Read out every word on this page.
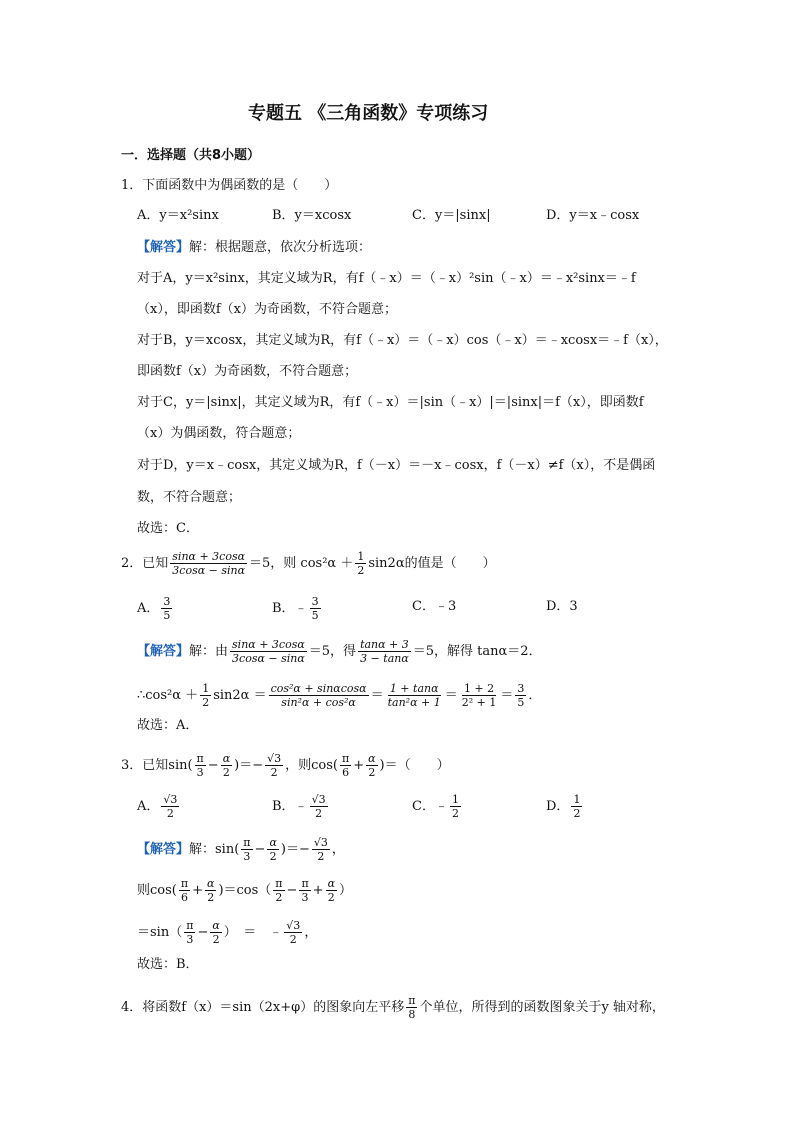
专题五 《三角函数》专项练习
一．选择题（共8小题）
1．下面函数中为偶函数的是（　　）
A．y＝x²sinx	B．y＝xcosx	C．y＝|sinx|	D．y＝x﹣cosx
【解答】解：根据题意，依次分析选项：
对于A，y＝x²sinx，其定义域为R，有f（﹣x）＝（﹣x）²sin（﹣x）＝﹣x²sinx＝﹣f
（x），即函数f（x）为奇函数，不符合题意；
对于B，y＝xcosx，其定义域为R，有f（﹣x）＝（﹣x）cos（﹣x）＝﹣xcosx＝﹣f（x），
即函数f（x）为奇函数，不符合题意；
对于C，y＝|sinx|，其定义域为R，有f（﹣x）＝|sin（﹣x）|＝|sinx|＝f（x），即函数f
（x）为偶函数，符合题意；
对于D，y＝x﹣cosx，其定义域为R，f（－x）＝－x﹣cosx，f（－x）≠f（x），不是偶函
数，不符合题意；
故选：C．
2．已知 $\frac{\sin\alpha + 3\cos\alpha}{3\cos\alpha - \sin\alpha} =5$，则 $\cos^2\alpha + \frac{1}{2} \sin 2\alpha$的值是（　　）
A． $\frac{3}{5}$	B．﹣ $\frac{3}{5}$	C．﹣3	D．3
【解答】解：由 $\frac{\sin\alpha + 3\cos\alpha}{3\cos\alpha - \sin\alpha} =5$，得 $\frac{\tan\alpha + 3}{3 - \tan\alpha} =5$，解得 tanα＝2．
∴cos²α ＋ $\frac{1}{2} \sin 2\alpha = \frac{\text{cos²α + sinαcosα}}{\text{sin²α + cos²α}} = \frac{1 + \tan\alpha}{\text{tan²α + 1}} = \frac{1 + 2}{\text{2² + 1}} = \frac{3}{5}$ ．
故选：A．
3．已知$\sin( \frac{\pi}{3} - \frac{\alpha}{2}$ )＝− $\frac{√3}{2}$ ，则$\cos( \frac{\pi}{6} + \frac{\alpha}{2}$ )＝（　　）
A． $\frac{√3}{2}$	B．﹣ $\frac{√3}{2}$	C．﹣ $\frac{1}{2}$	D． $\frac{1}{2}$
【解答】解：$\sin( \frac{\pi}{3} - \frac{\alpha}{2}$ )＝− $\frac{√3}{2}$ ，
则$\cos( \frac{\pi}{6} + \frac{\alpha}{2} )=\cos( \frac{\pi}{2} - \frac{\pi}{3} + \frac{\alpha}{2}$ ）
$=\sin( \frac{\pi}{3} - \frac{\alpha}{2}$ ）　＝　﹣ $\frac{√3}{2}$ ，
故选：B．
4．将函数f（x）＝sin（2x+φ）的图象向左平移 $\frac{\pi}{8}$ 个单位，所得到的函数图象关于y 轴对称，
